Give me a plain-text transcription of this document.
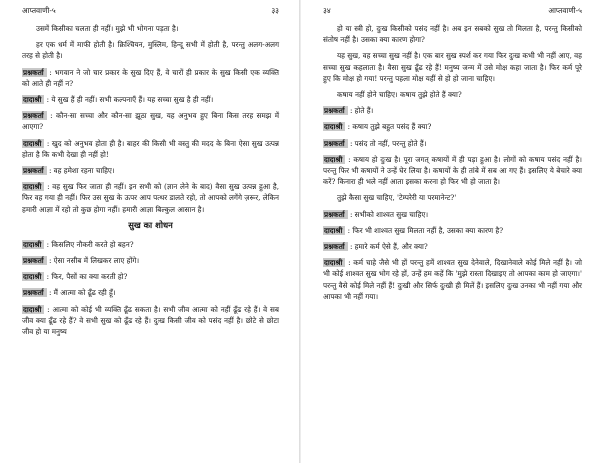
आप्तवाणी-५	३३
उसमें किसीका चलता ही नहीं। मुझे भी भोगना पड़ता है।
हर एक धर्म में माफी होती है। क्रिश्चियन, मुस्लिम, हिन्दू सभी में होती है, परन्तु अलग-अलग तरह से होती है।
प्रश्नकर्ता : भगवान ने जो चार प्रकार के सुख दिए हैं, वे चारों ही प्रकार के सुख किसी एक व्यक्ति को आते ही नहीं न?
दादाश्री : ये सुख हैं ही नहीं। सभी कल्पनाएँ हैं। यह सच्चा सुख है ही नहीं।
प्रश्नकर्ता : कौन-सा सच्चा और कौन-सा झूठा सुख, यह अनुभव हुए बिना किस तरह समझ में आएगा?
दादाश्री : खुद को अनुभव होता ही है। बाहर की किसी भी वस्तु की मदद के बिना ऐसा सुख उत्पन्न होता है कि कभी देखा ही नहीं हो!
प्रश्नकर्ता : वह हमेशा रहना चाहिए।
दादाश्री : वह सुख फिर जाता ही नहीं। इन सभी को (ज्ञान लेने के बाद) वैसा सुख उत्पन्न हुआ है, फिर वह गया ही नहीं। फिर उस सुख के ऊपर आप पत्थर डालते रहो, तो आपको लगेंगे ज़रूर, लेकिन हमारी आज्ञा में रहो तो कुछ होगा नहीं। हमारी आज्ञा बिल्कुल आसान है।
सुख का शोधन
दादाश्री : किसलिए नौकरी करते हो बहन?
प्रश्नकर्ता : ऐसा नसीब में लिखकर लाए होंगे।
दादाश्री : फिर, पैसों का क्या करती हो?
प्रश्नकर्ता : मैं आत्मा को ढूँढ रही हूँ।
दादाश्री : आत्मा को कोई भी व्यक्ति ढूँढ सकता है। सभी जीव आत्मा को नहीं ढूँढ रहे हैं। वे सब जीव क्या ढूँढ रहे हैं? वे सभी सुख को ढूँढ रहे हैं। दुःख किसी जीव को पसंद नहीं है। छोटे से छोटा जीव हो या मनुष्य
३४	आप्तवाणी-५
हो या स्त्री हो, दुःख किसीको पसंद नहीं है। अब इन सबको सुख तो मिलता है, परन्तु किसीको संतोष नहीं है। उसका क्या कारण होगा?
यह सुख, वह सच्चा सुख नहीं है। एक बार सुख स्पर्श कर गया फिर दुःख कभी भी नहीं आए, वह सच्चा सुख कहलाता है। वैसा सुख ढूँढ रहे हैं! मनुष्य जन्म में उसे मोक्ष कहा जाता है। फिर कर्म पूरे हुए कि मोक्ष हो गया! परन्तु पहला मोक्ष यहीं से हो हो जाना चाहिए।
कषाय नहीं होने चाहिए। कषाय तुझे होते हैं क्या?
प्रश्नकर्ता : होते हैं।
दादाश्री : कषाय तुझे बहुत पसंद हैं क्या?
प्रश्नकर्ता : पसंद तो नहीं, परन्तु होते हैं।
दादाश्री : कषाय हो दुःख है। पूरा जगत् कषायों में ही पड़ा हुआ है। लोगों को कषाय पसंद नहीं है। परन्तु फिर भी कषायों ने उन्हें घेर लिया है। कषायों के ही तांबे में सब आ गए हैं। इसलिए ये बेचारे क्या करें? किनारा ही भले नहीं आता इसका करना हो फिर भी हो जाता है।
तुझे कैसा सुख चाहिए, 'टेम्परेरी या परमानेन्ट?'
प्रश्नकर्ता : सभीको शाश्वत सुख चाहिए।
दादाश्री : फिर भी शाश्वत सुख मिलता नहीं है, उसका क्या कारण है?
प्रश्नकर्ता : हमारे कर्म ऐसे हैं, और क्या?
दादाश्री : कर्म चाहे जैसे भी हों परन्तु हमें शाश्वत सुख देनेवाले, दिखानेवाले कोई मिले नहीं है। जो भी कोई शाश्वत सुख भोग रहे हों, उन्हें हम कहें कि 'मुझे रास्ता दिखाइए तो आपका काम हो जाएगा।' परन्तु वैसे कोई मिले नहीं हैं! दुःखी और सिर्फ दुःखी ही मिलें हैं। इसलिए दुःख उनका भी नहीं गया और आपका भी नहीं गया।
